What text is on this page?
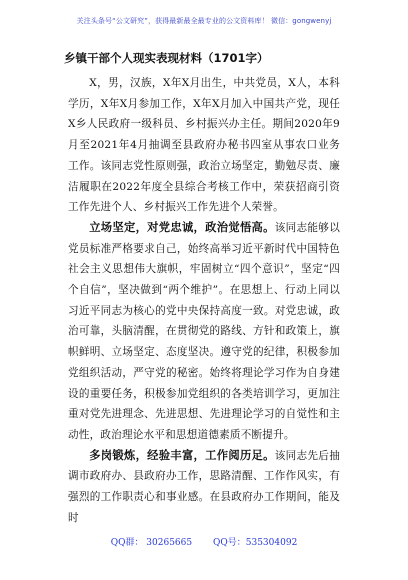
关注头条号“公文研究”，获得最新最全最专业的公文资料库！ 微信：gongwenyj
乡镇干部个人现实表现材料（1701字）

X，男，汉族，X年X月出生，中共党员，X人，本科学历，X年X月参加工作，X年X月加入中国共产党，现任X乡人民政府一级科员、乡村振兴办主任。期间2020年9月至2021年4月抽调至县政府办秘书四室从事农口业务工作。该同志党性原则强，政治立场坚定，勤勉尽责、廉洁履职在2022年度全县综合考核工作中，荣获招商引资工作先进个人、乡村振兴工作先进个人荣誉。

立场坚定，对党忠诚，政治觉悟高。该同志能够以党员标准严格要求自己，始终高举习近平新时代中国特色社会主义思想伟大旗帜，牢固树立“四个意识”，坚定“四个自信”，坚决做到“两个维护”。在思想上、行动上同以习近平同志为核心的党中央保持高度一致。对党忠诚，政治可靠，头脑清醒，在贯彻党的路线、方针和政策上，旗帜鲜明、立场坚定、态度坚决。遵守党的纪律，积极参加党组织活动，严守党的秘密。始终将理论学习作为自身建设的重要任务，积极参加党组织的各类培训学习，更加注重对党先进理念、先进思想、先进理论学习的自觉性和主动性，政治理论水平和思想道德素质不断提升。

多岗锻炼，经验丰富，工作阅历足。该同志先后抽调市政府办、县政府办工作，思路清醒、工作作风实，有强烈的工作职责心和事业感。在县政府办工作期间，能及时

QQ群： 30265665 QQ号：535304092
